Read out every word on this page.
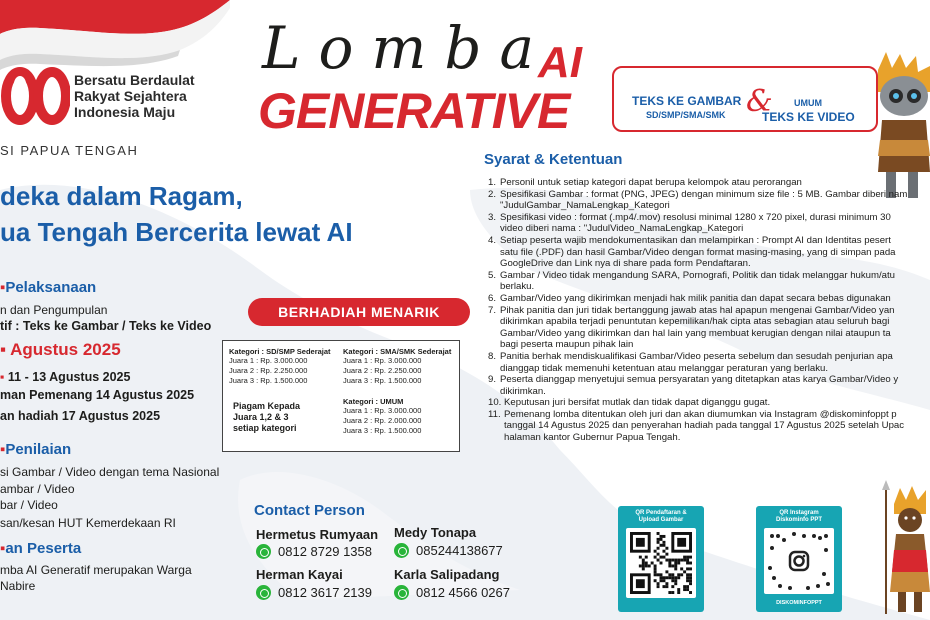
Bersatu Berdaulat
Rakyat Sejahtera
Indonesia Maju
SI PAPUA TENGAH
Lomba
AI
GENERATIVE	TEKS KE GAMBAR
SD/SMP/SMA/SMK & UMUM
TEKS KE VIDEO
deka dalam Ragam,
ua Tengah Bercerita lewat AI
▪Pelaksanaan
n dan Pengumpulan
tif : Teks ke Gambar / Teks ke Video
▪ Agustus 2025
▪ 11 - 13 Agustus 2025
man Pemenang 14 Agustus 2025
an hadiah 17 Agustus 2025
▪Penilaian
si Gambar / Video dengan tema Nasional
ambar / Video
bar / Video
san/kesan HUT Kemerdekaan RI
▪an Peserta
mba AI Generatif merupakan Warga
Nabire
BERHADIAH MENARIK
Kategori : SD/SMP Sederajat
Juara 1 : Rp. 3.000.000
Juara 2 : Rp. 2.250.000
Juara 3 : Rp. 1.500.000
Kategori : SMA/SMK Sederajat
Juara 1 : Rp. 3.000.000
Juara 2 : Rp. 2.250.000
Juara 3 : Rp. 1.500.000
Piagam Kepada
Juara 1,2 & 3
setiap kategori
Kategori : UMUM
Juara 1 : Rp. 3.000.000
Juara 2 : Rp. 2.000.000
Juara 3 : Rp. 1.500.000
Syarat & Ketentuan
1. Personil untuk setiap kategori dapat berupa kelompok atau perorangan
2. Spesifikasi Gambar : format (PNG, JPEG) dengan minimum size file : 5 MB. Gambar diberi nam
"JudulGambar_NamaLengkap_Kategori
3. Spesifikasi video : format (.mp4/.mov) resolusi minimal 1280 x 720 pixel, durasi minimum 30
video diberi nama : "JudulVideo_NamaLengkap_Kategori
4. Setiap peserta wajib mendokumentasikan dan melampirkan : Prompt AI dan Identitas pesert
satu file (.PDF) dan hasil Gambar/Video dengan format masing-masing, yang di simpan pada
GoogleDrive dan Link nya di share pada form Pendaftaran.
5. Gambar / Video tidak mengandung SARA, Pornografi, Politik dan tidak melanggar hukum/atu
berlaku.
6. Gambar/Video yang dikirimkan menjadi hak milik panitia dan dapat secara bebas digunakan
7. Pihak panitia dan juri tidak bertanggung jawab atas hal apapun mengenai Gambar/Video yan
dikirimkan apabila terjadi penuntutan kepemilikan/hak cipta atas sebagian atau seluruh bagi
Gambar/Video yang dikirimkan dan hal lain yang membuat kerugian dengan nilai ataupun ta
bagi peserta maupun pihak lain
8. Panitia berhak mendiskualifikasi Gambar/Video peserta sebelum dan sesudah penjurian apa
dianggap tidak memenuhi ketentuan atau melanggar peraturan yang berlaku.
9. Peserta dianggap menyetujui semua persyaratan yang ditetapkan atas karya Gambar/Video y
dikirimkan.
10. Keputusan juri bersifat mutlak dan tidak dapat diganggu gugat.
11. Pemenang lomba ditentukan oleh juri dan akan diumumkan via Instagram @diskominfoppt p
tanggal 14 Agustus 2025 dan penyerahan hadiah pada tanggal 17 Agustus 2025 setelah Upac
halaman kantor Gubernur Papua Tengah.
Contact Person
Hermetus Rumyaan
0812 8729 1358
Medy Tonapa
085244138677
Herman Kayai
0812 3617 2139
Karla Salipadang
0812 4566 0267
QR Pendaftaran &
Upload Gambar
QR Instagram
Diskominfo PPT
DISKOMINFOPPT
